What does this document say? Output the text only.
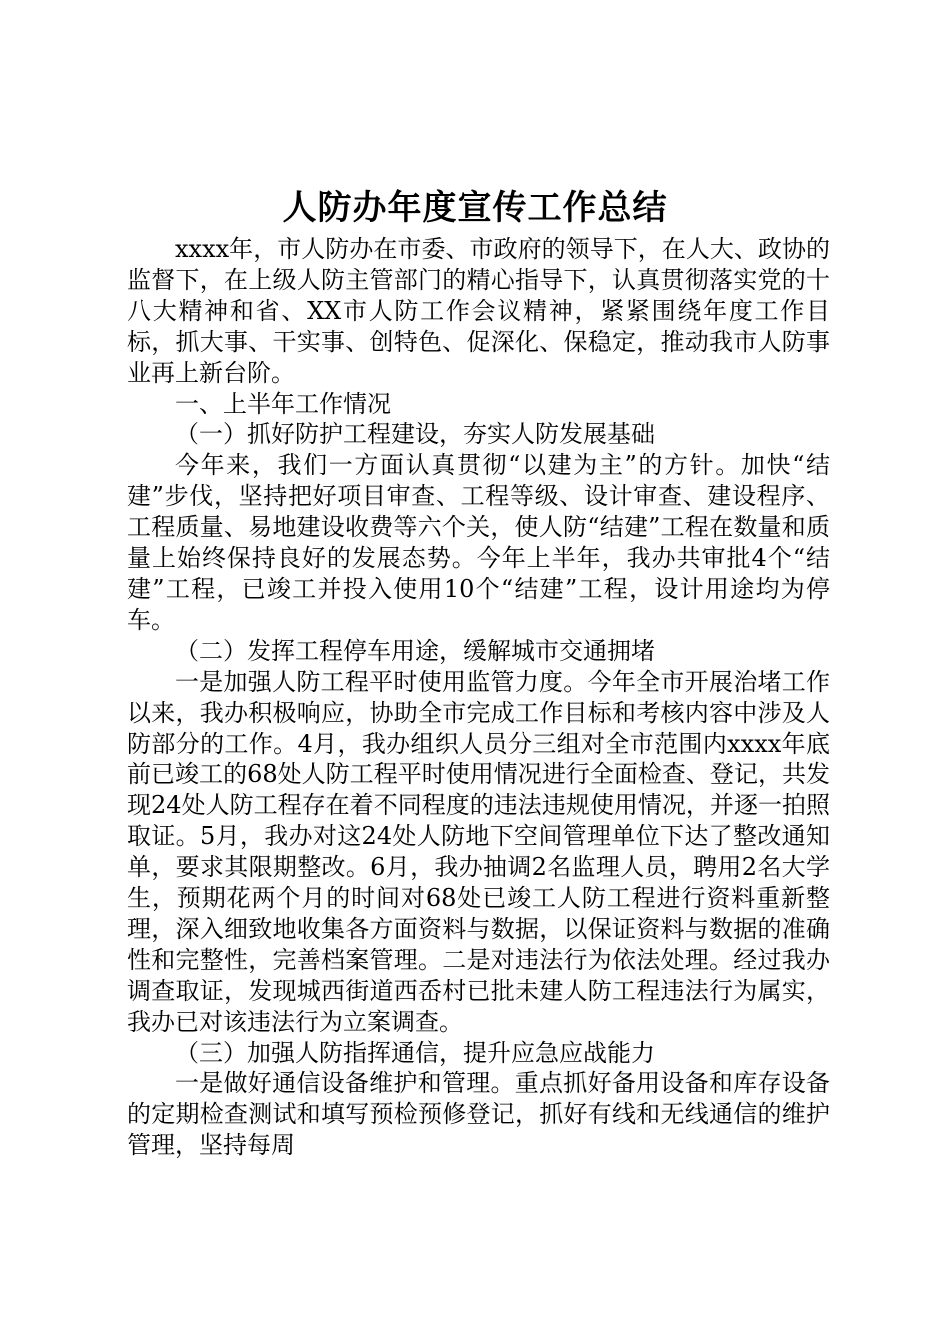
人防办年度宣传工作总结

xxxx年，市人防办在市委、市政府的领导下，在人大、政协的监督下，在上级人防主管部门的精心指导下，认真贯彻落实党的十八大精神和省、XX市人防工作会议精神，紧紧围绕年度工作目标，抓大事、干实事、创特色、促深化、保稳定，推动我市人防事业再上新台阶。

一、上半年工作情况

（一）抓好防护工程建设，夯实人防发展基础

今年来，我们一方面认真贯彻“以建为主”的方针。加快“结建”步伐，坚持把好项目审查、工程等级、设计审查、建设程序、工程质量、易地建设收费等六个关，使人防“结建”工程在数量和质量上始终保持良好的发展态势。今年上半年，我办共审批4个“结建”工程，已竣工并投入使用10个“结建”工程，设计用途均为停车。

（二）发挥工程停车用途，缓解城市交通拥堵

一是加强人防工程平时使用监管力度。今年全市开展治堵工作以来，我办积极响应，协助全市完成工作目标和考核内容中涉及人防部分的工作。4月，我办组织人员分三组对全市范围内xxxx年底前已竣工的68处人防工程平时使用情况进行全面检查、登记，共发现24处人防工程存在着不同程度的违法违规使用情况，并逐一拍照取证。5月，我办对这24处人防地下空间管理单位下达了整改通知单，要求其限期整改。6月，我办抽调2名监理人员，聘用2名大学生，预期花两个月的时间对68处已竣工人防工程进行资料重新整理，深入细致地收集各方面资料与数据，以保证资料与数据的准确性和完整性，完善档案管理。二是对违法行为依法处理。经过我办调查取证，发现城西街道西岙村已批未建人防工程违法行为属实，我办已对该违法行为立案调查。

（三）加强人防指挥通信，提升应急应战能力

一是做好通信设备维护和管理。重点抓好备用设备和库存设备的定期检查测试和填写预检预修登记，抓好有线和无线通信的维护管理，坚持每周
